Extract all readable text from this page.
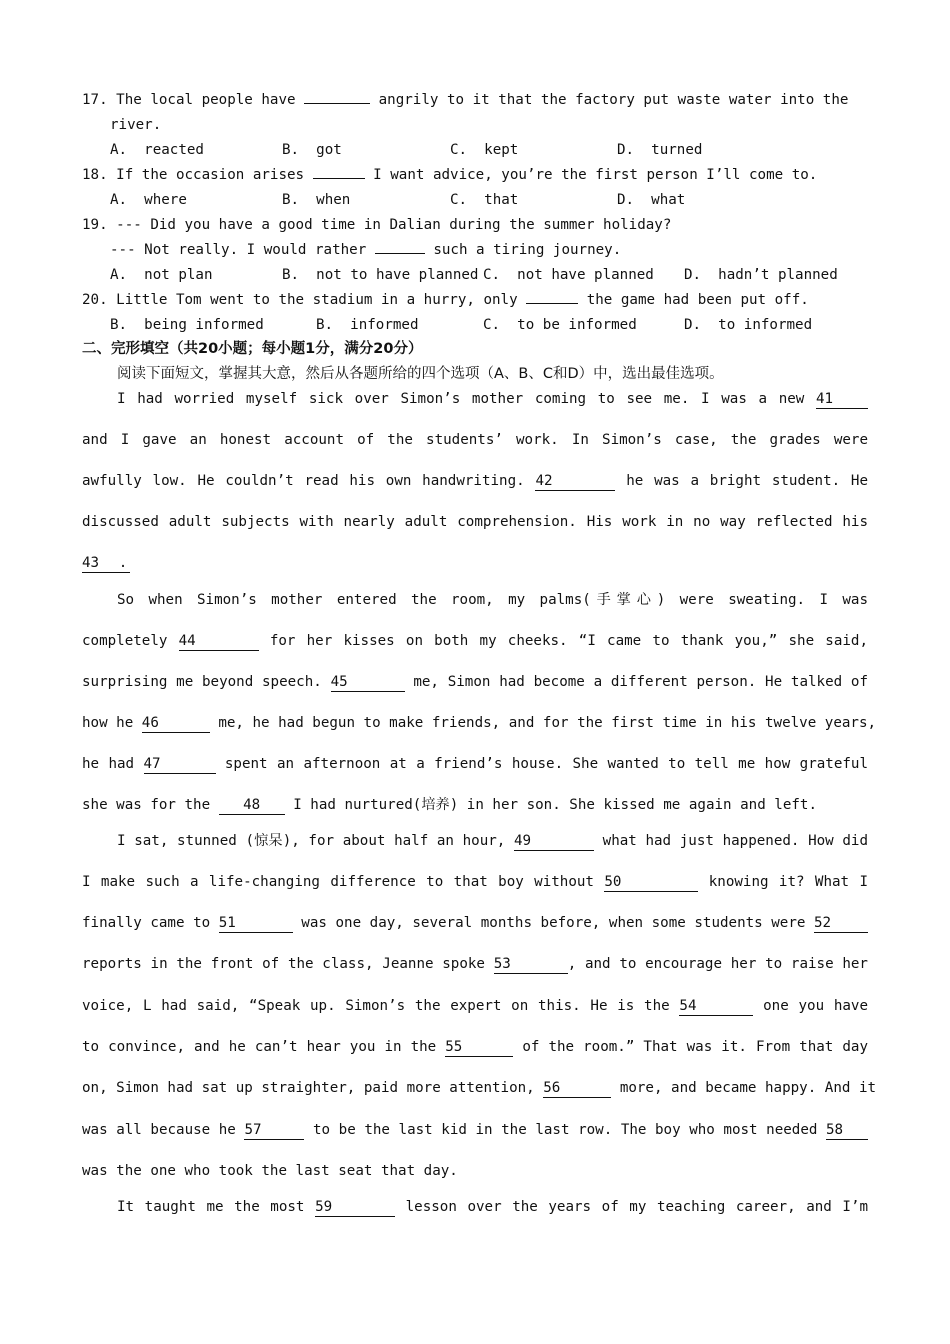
17. The local people have	angrily to it that the factory put waste water into the
river.
A.  reacted	B.  got	C.  kept	D.  turned
18. If the occasion arises	I want advice, you’re the first person I’ll come to.
A.  where	B.  when	C.  that	D.  what
19. --- Did you have a good time in Dalian during the summer holiday?
--- Not really. I would rather	such a tiring journey.
A.  not plan	B.  not to have planned C.  not have planned D.  hadn’t planned
20. Little Tom went to the stadium in a hurry, only	the game had been put off.
B.  being informed	B.  informed	C.  to be informed	D.  to informed
二、完形填空（共20小题；每小题1分，满分20分）
阅读下面短文，掌握其大意，然后从各题所给的四个选项（A、B、C和D）中，选出最佳选项。
I had worried myself sick over Simon’s mother coming to see me. I was a new 41
and I gave an honest account of the students’ work. In Simon’s case, the grades were
awfully low. He couldn’t read his own handwriting. 42	he was a bright student. He
discussed adult subjects with nearly adult comprehension. His work in no way reflected his
43 .
So when Simon’s mother entered the room, my palms(手掌心) were sweating. I was
completely 44	for her kisses on both my cheeks. “I came to thank you,” she said,
surprising me beyond speech. 45	me, Simon had become a different person. He talked of
how he 46	me, he had begun to make friends, and for the first time in his twelve years,
he had 47	spent an afternoon at a friend’s house. She wanted to tell me how grateful
she was for the 48 I had nurtured(培养) in her son. She kissed me again and left.
I sat, stunned (惊呆), for about half an hour, 49	what had just happened. How did
I make such a life-changing difference to that boy without 50	knowing it? What I
finally came to 51	was one day, several months before, when some students were 52
reports in the front of the class, Jeanne spoke 53	, and to encourage her to raise her
voice, L had said, “Speak up. Simon’s the expert on this. He is the 54	one you have
to convince, and he can’t hear you in the 55	of the room.” That was it. From that day
on, Simon had sat up straighter, paid more attention, 56	more, and became happy. And it
was all because he 57	to be the last kid in the last row. The boy who most needed 58
was the one who took the last seat that day.
It taught me the most 59	lesson over the years of my teaching career, and I’m
